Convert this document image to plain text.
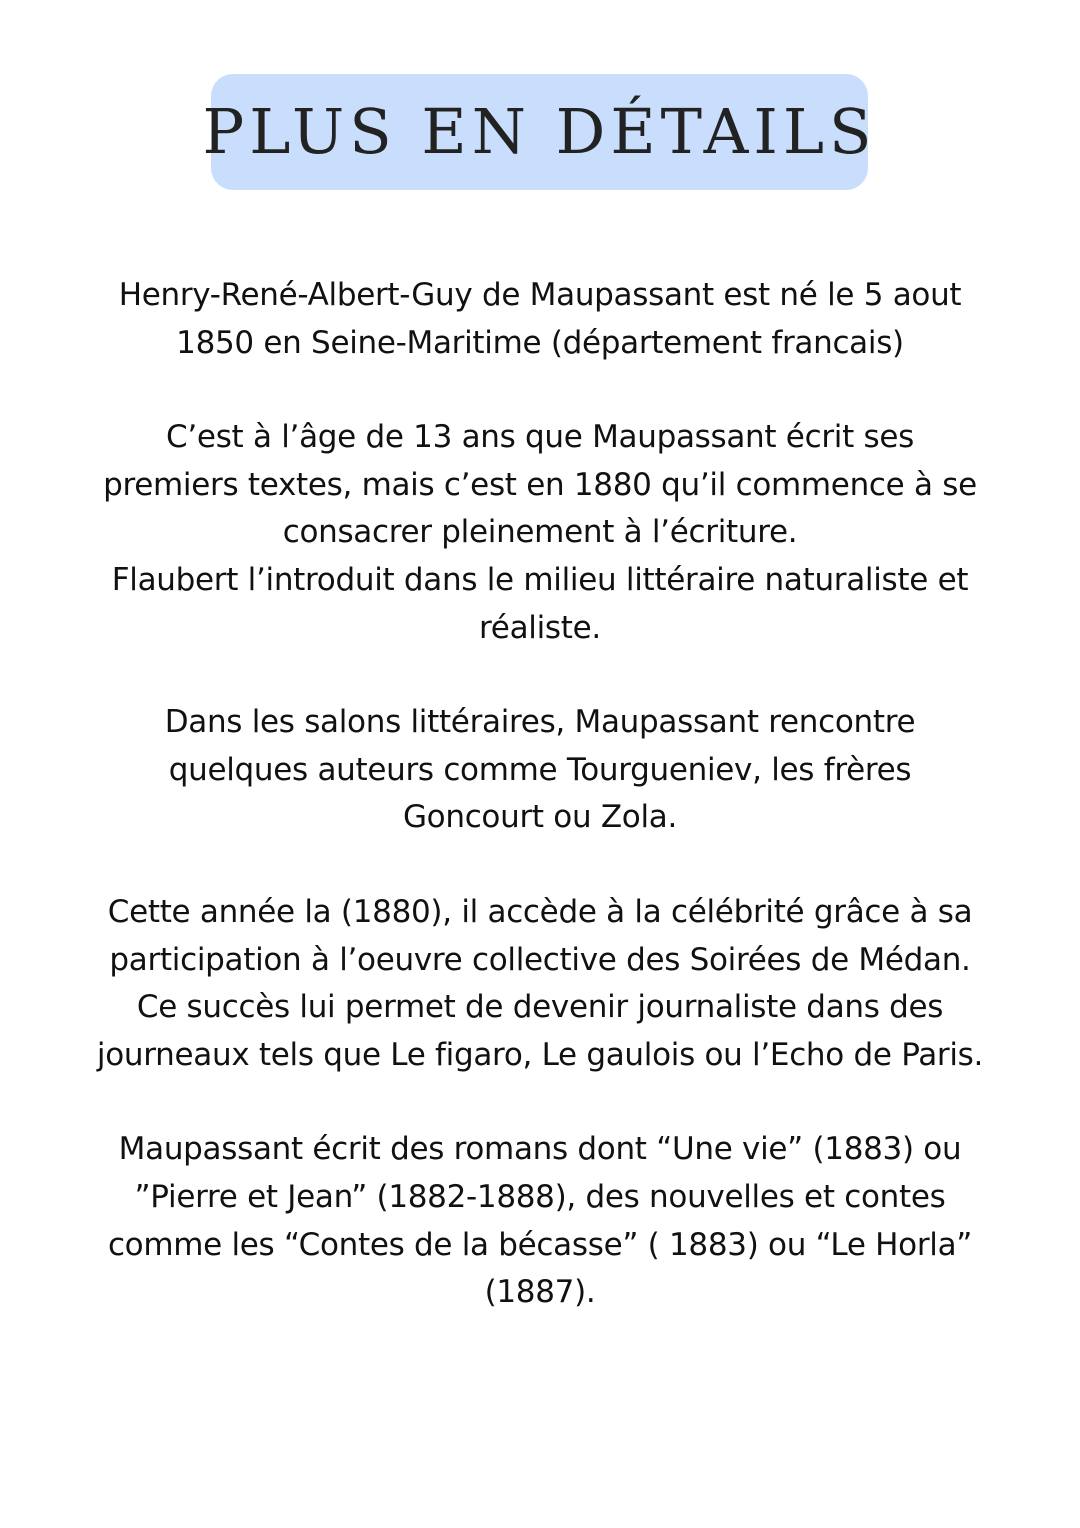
PLUS EN DÉTAILS

Henry-René-Albert-Guy de Maupassant est né le 5 aout
1850 en Seine-Maritime (département francais)

C’est à l’âge de 13 ans que Maupassant écrit ses
premiers textes, mais c’est en 1880 qu’il commence à se
consacrer pleinement à l’écriture.
Flaubert l’introduit dans le milieu littéraire naturaliste et
réaliste.

Dans les salons littéraires, Maupassant rencontre
quelques auteurs comme Tourgueniev, les frères
Goncourt ou Zola.

Cette année la (1880), il accède à la célébrité grâce à sa
participation à l’oeuvre collective des Soirées de Médan.
Ce succès lui permet de devenir journaliste dans des
journeaux tels que Le figaro, Le gaulois ou l’Echo de Paris.

Maupassant écrit des romans dont “Une vie” (1883) ou
”Pierre et Jean” (1882-1888), des nouvelles et contes
comme les “Contes de la bécasse” ( 1883) ou “Le Horla”
(1887).
